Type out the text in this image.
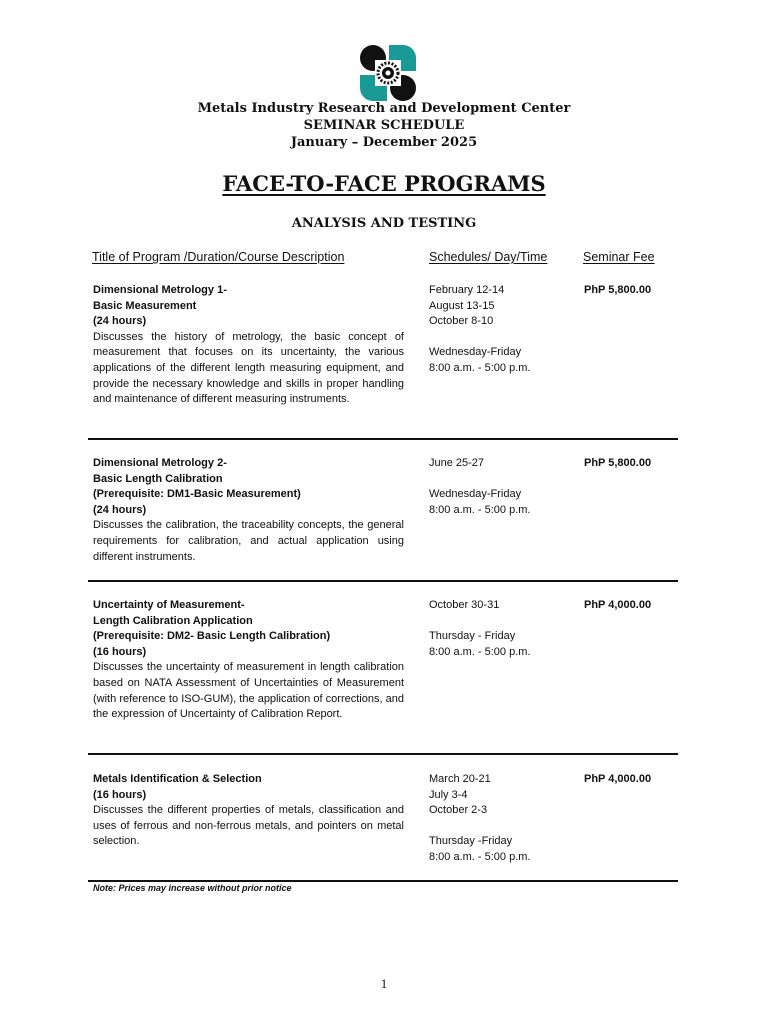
Metals Industry Research and Development Center
SEMINAR SCHEDULE
January – December 2025
FACE-TO-FACE PROGRAMS
ANALYSIS AND TESTING
Title of Program /Duration/Course Description	Schedules/ Day/Time	Seminar Fee
Dimensional Metrology 1-
Basic Measurement
(24 hours)
Discusses the history of metrology, the basic concept of measurement that focuses on its uncertainty, the various applications of the different length measuring equipment, and provide the necessary knowledge and skills in proper handling and maintenance of different measuring instruments.
February 12-14
August 13-15
October 8-10
Wednesday-Friday
8:00 a.m. - 5:00 p.m.
PhP 5,800.00
Dimensional Metrology 2-
Basic Length Calibration
(Prerequisite: DM1-Basic Measurement)
(24 hours)
Discusses the calibration, the traceability concepts, the general requirements for calibration, and actual application using different instruments.
June 25-27
Wednesday-Friday
8:00 a.m. - 5:00 p.m.
PhP 5,800.00
Uncertainty of Measurement-
Length Calibration Application
(Prerequisite: DM2- Basic Length Calibration)
(16 hours)
Discusses the uncertainty of measurement in length calibration based on NATA Assessment of Uncertainties of Measurement (with reference to ISO-GUM), the application of corrections, and the expression of Uncertainty of Calibration Report.
October 30-31
Thursday - Friday
8:00 a.m. - 5:00 p.m.
PhP 4,000.00
Metals Identification & Selection
(16 hours)
Discusses the different properties of metals, classification and uses of ferrous and non-ferrous metals, and pointers on metal selection.
March 20-21
July 3-4
October 2-3
Thursday -Friday
8:00 a.m. - 5:00 p.m.
PhP 4,000.00
Note: Prices may increase without prior notice
1
